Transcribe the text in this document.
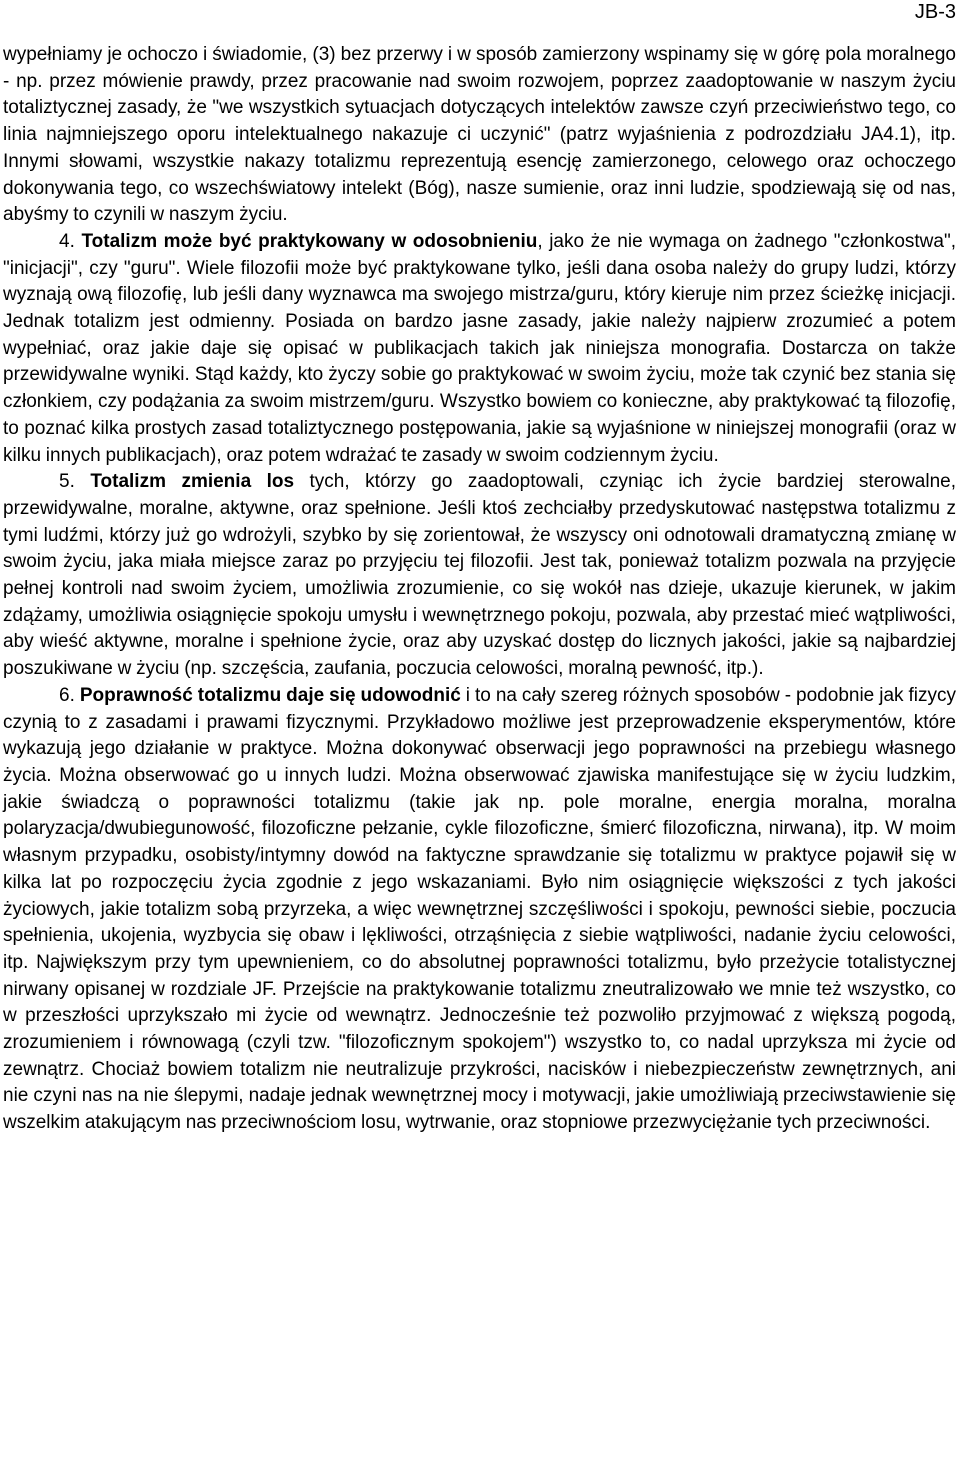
JB-3

wypełniamy je ochoczo i świadomie, (3) bez przerwy i w sposób zamierzony wspinamy się w górę pola moralnego - np. przez mówienie prawdy, przez pracowanie nad swoim rozwojem, poprzez zaadoptowanie w naszym życiu totaliztycznej zasady, że "we wszystkich sytuacjach dotyczących intelektów zawsze czyń przeciwieństwo tego, co linia najmniejszego oporu intelektualnego nakazuje ci uczynić" (patrz wyjaśnienia z podrozdziału JA4.1), itp. Innymi słowami, wszystkie nakazy totalizmu reprezentują esencję zamierzonego, celowego oraz ochoczego dokonywania tego, co wszechświatowy intelekt (Bóg), nasze sumienie, oraz inni ludzie, spodziewają się od nas, abyśmy to czynili w naszym życiu.

4. Totalizm może być praktykowany w odosobnieniu, jako że nie wymaga on żadnego "członkostwa", "inicjacji", czy "guru". Wiele filozofii może być praktykowane tylko, jeśli dana osoba należy do grupy ludzi, którzy wyznają ową filozofię, lub jeśli dany wyznawca ma swojego mistrza/guru, który kieruje nim przez ścieżkę inicjacji. Jednak totalizm jest odmienny. Posiada on bardzo jasne zasady, jakie należy najpierw zrozumieć a potem wypełniać, oraz jakie daje się opisać w publikacjach takich jak niniejsza monografia. Dostarcza on także przewidywalne wyniki. Stąd każdy, kto życzy sobie go praktykować w swoim życiu, może tak czynić bez stania się członkiem, czy podążania za swoim mistrzem/guru. Wszystko bowiem co konieczne, aby praktykować tą filozofię, to poznać kilka prostych zasad totaliztycznego postępowania, jakie są wyjaśnione w niniejszej monografii (oraz w kilku innych publikacjach), oraz potem wdrażać te zasady w swoim codziennym życiu.

5. Totalizm zmienia los tych, którzy go zaadoptowali, czyniąc ich życie bardziej sterowalne, przewidywalne, moralne, aktywne, oraz spełnione. Jeśli ktoś zechciałby przedyskutować następstwa totalizmu z tymi ludźmi, którzy już go wdrożyli, szybko by się zorientował, że wszyscy oni odnotowali dramatyczną zmianę w swoim życiu, jaka miała miejsce zaraz po przyjęciu tej filozofii. Jest tak, ponieważ totalizm pozwala na przyjęcie pełnej kontroli nad swoim życiem, umożliwia zrozumienie, co się wokół nas dzieje, ukazuje kierunek, w jakim zdążamy, umożliwia osiągnięcie spokoju umysłu i wewnętrznego pokoju, pozwala, aby przestać mieć wątpliwości, aby wieść aktywne, moralne i spełnione życie, oraz aby uzyskać dostęp do licznych jakości, jakie są najbardziej poszukiwane w życiu (np. szczęścia, zaufania, poczucia celowości, moralną pewność, itp.).

6. Poprawność totalizmu daje się udowodnić i to na cały szereg różnych sposobów - podobnie jak fizycy czynią to z zasadami i prawami fizycznymi. Przykładowo możliwe jest przeprowadzenie eksperymentów, które wykazują jego działanie w praktyce. Można dokonywać obserwacji jego poprawności na przebiegu własnego życia. Można obserwować go u innych ludzi. Można obserwować zjawiska manifestujące się w życiu ludzkim, jakie świadczą o poprawności totalizmu (takie jak np. pole moralne, energia moralna, moralna polaryzacja/dwubiegunowość, filozoficzne pełzanie, cykle filozoficzne, śmierć filozoficzna, nirwana), itp. W moim własnym przypadku, osobisty/intymny dowód na faktyczne sprawdzanie się totalizmu w praktyce pojawił się w kilka lat po rozpoczęciu życia zgodnie z jego wskazaniami. Było nim osiągnięcie większości z tych jakości życiowych, jakie totalizm sobą przyrzeka, a więc wewnętrznej szczęśliwości i spokoju, pewności siebie, poczucia spełnienia, ukojenia, wyzbycia się obaw i lękliwości, otrząśnięcia z siebie wątpliwości, nadanie życiu celowości, itp. Największym przy tym upewnieniem, co do absolutnej poprawności totalizmu, było przeżycie totalistycznej nirwany opisanej w rozdziale JF. Przejście na praktykowanie totalizmu zneutralizowało we mnie też wszystko, co w przeszłości uprzykszało mi życie od wewnątrz. Jednocześnie też pozwoliło przyjmować z większą pogodą, zrozumieniem i równowagą (czyli tzw. "filozoficznym spokojem") wszystko to, co nadal uprzyksza mi życie od zewnątrz. Chociaż bowiem totalizm nie neutralizuje przykrości, nacisków i niebezpieczeństw zewnętrznych, ani nie czyni nas na nie ślepymi, nadaje jednak wewnętrznej mocy i motywacji, jakie umożliwiają przeciwstawienie się wszelkim atakującym nas przeciwnościom losu, wytrwanie, oraz stopniowe przezwyciężanie tych przeciwności.
